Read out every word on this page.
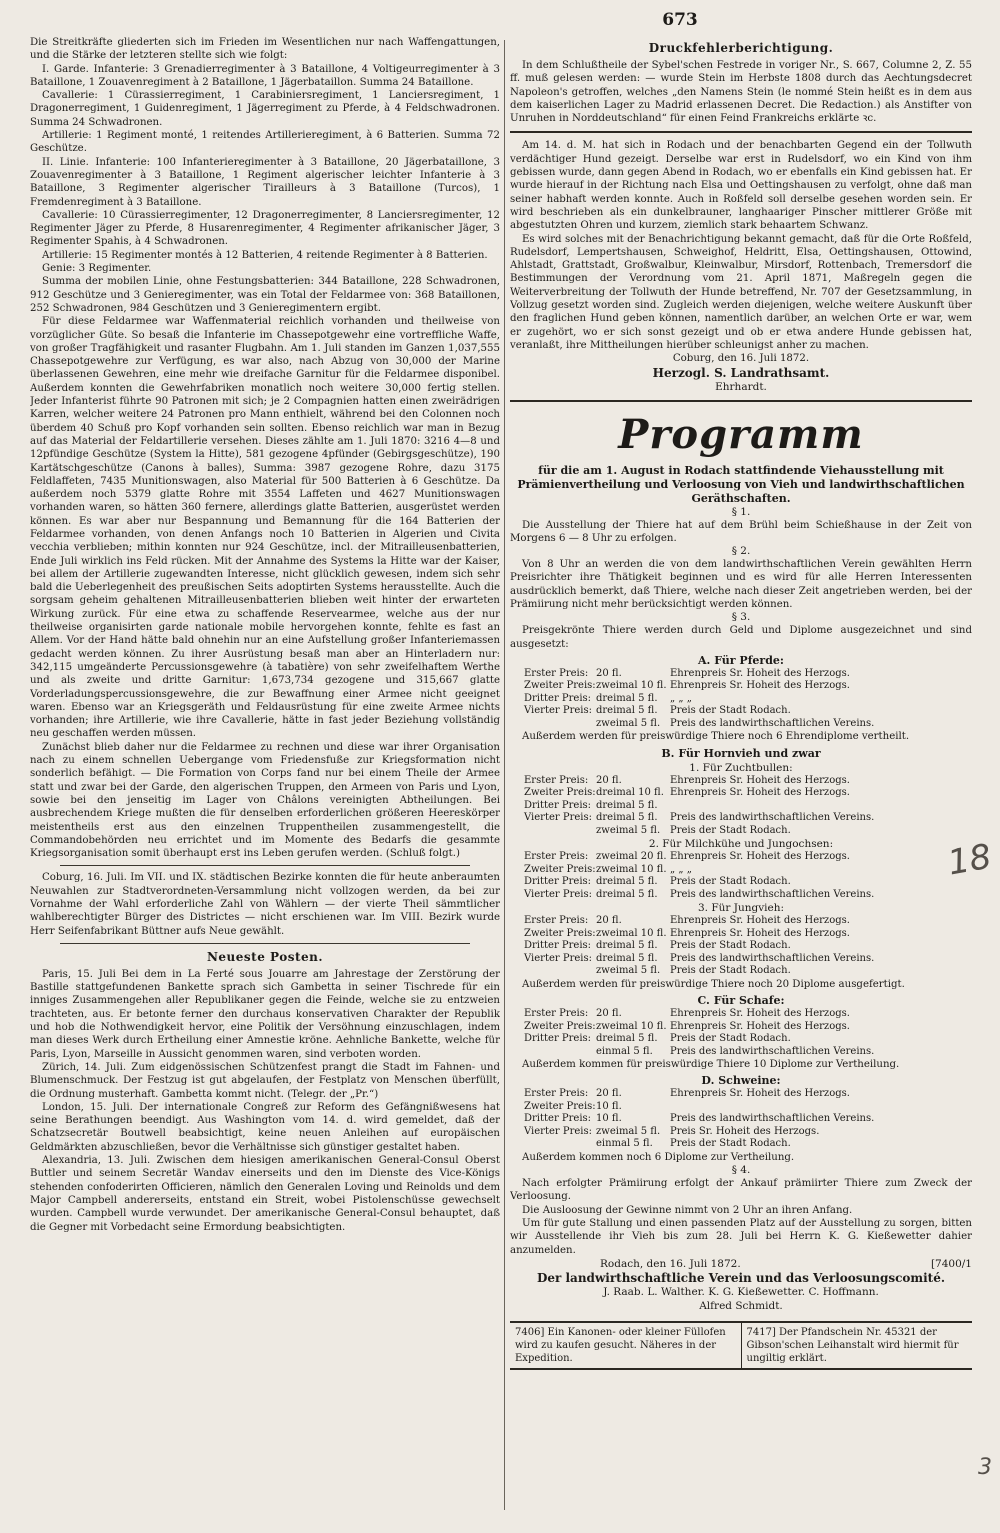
673

Die Streitkräfte gliederten sich im Frieden im Wesentlichen nur nach Waffengattungen, und die Stärke der letzteren stellte sich wie folgt:

I. Garde. Infanterie: 3 Grenadierregimenter à 3 Bataillone, 4 Voltigeurregimenter à 3 Bataillone, 1 Zouavenregiment à 2 Bataillone, 1 Jägerbataillon. Summa 24 Bataillone.

Cavallerie: 1 Cürassierregiment, 1 Carabiniersregiment, 1 Lanciersregiment, 1 Dragonerregiment, 1 Guidenregiment, 1 Jägerregiment zu Pferde, à 4 Feldschwadronen. Summa 24 Schwadronen.

Artillerie: 1 Regiment monté, 1 reitendes Artillerieregiment, à 6 Batterien. Summa 72 Geschütze.

II. Linie. Infanterie: 100 Infanterieregimenter à 3 Bataillone, 20 Jägerbataillone, 3 Zouavenregimenter à 3 Bataillone, 1 Regiment algerischer leichter Infanterie à 3 Bataillone, 3 Regimenter algerischer Tirailleurs à 3 Bataillone (Turcos), 1 Fremdenregiment à 3 Bataillone.

Cavallerie: 10 Cürassierregimenter, 12 Dragonerregimenter, 8 Lanciersregimenter, 12 Regimenter Jäger zu Pferde, 8 Husarenregimenter, 4 Regimenter afrikanischer Jäger, 3 Regimenter Spahis, à 4 Schwadronen.

Artillerie: 15 Regimenter montés à 12 Batterien, 4 reitende Regimenter à 8 Batterien.

Genie: 3 Regimenter.

Summa der mobilen Linie, ohne Festungsbatterien: 344 Bataillone, 228 Schwadronen, 912 Geschütze und 3 Genieregimenter, was ein Total der Feldarmee von: 368 Bataillonen, 252 Schwadronen, 984 Geschützen und 3 Genieregimentern ergibt.

Für diese Feldarmee war Waffenmaterial reichlich vorhanden und theilweise von vorzüglicher Güte. So besaß die Infanterie im Chassepotgewehr eine vortreffliche Waffe, von großer Tragfähigkeit und rasanter Flugbahn. Am 1. Juli standen im Ganzen 1,037,555 Chassepotgewehre zur Verfügung, es war also, nach Abzug von 30,000 der Marine überlassenen Gewehren, eine mehr wie dreifache Garnitur für die Feldarmee disponibel. Außerdem konnten die Gewehrfabriken monatlich noch weitere 30,000 fertig stellen. Jeder Infanterist führte 90 Patronen mit sich; je 2 Compagnien hatten einen zweirädrigen Karren, welcher weitere 24 Patronen pro Mann enthielt, während bei den Colonnen noch überdem 40 Schuß pro Kopf vorhanden sein sollten. Ebenso reichlich war man in Bezug auf das Material der Feldartillerie versehen. Dieses zählte am 1. Juli 1870: 3216 4—8 und 12pfündige Geschütze (System la Hitte), 581 gezogene 4pfünder (Gebirgsgeschütze), 190 Kartätschgeschütze (Canons à balles), Summa: 3987 gezogene Rohre, dazu 3175 Feldlaffeten, 7435 Munitionswagen, also Material für 500 Batterien à 6 Geschütze. Da außerdem noch 5379 glatte Rohre mit 3554 Laffeten und 4627 Munitionswagen vorhanden waren, so hätten 360 fernere, allerdings glatte Batterien, ausgerüstet werden können. Es war aber nur Bespannung und Bemannung für die 164 Batterien der Feldarmee vorhanden, von denen Anfangs noch 10 Batterien in Algerien und Civita vecchia verblieben; mithin konnten nur 924 Geschütze, incl. der Mitrailleusenbatterien, Ende Juli wirklich ins Feld rücken. Mit der Annahme des Systems la Hitte war der Kaiser, bei allem der Artillerie zugewandten Interesse, nicht glücklich gewesen, indem sich sehr bald die Ueberlegenheit des preußischen Seits adoptirten Systems herausstellte. Auch die sorgsam geheim gehaltenen Mitrailleusenbatterien blieben weit hinter der erwarteten Wirkung zurück. Für eine etwa zu schaffende Reservearmee, welche aus der nur theilweise organisirten garde nationale mobile hervorgehen konnte, fehlte es fast an Allem. Vor der Hand hätte bald ohnehin nur an eine Aufstellung großer Infanteriemassen gedacht werden können. Zu ihrer Ausrüstung besaß man aber an Hinterladern nur: 342,115 umgeänderte Percussionsgewehre (à tabatière) von sehr zweifelhaftem Werthe und als zweite und dritte Garnitur: 1,673,734 gezogene und 315,667 glatte Vorderladungspercussionsgewehre, die zur Bewaffnung einer Armee nicht geeignet waren. Ebenso war an Kriegsgeräth und Feldausrüstung für eine zweite Armee nichts vorhanden; ihre Artillerie, wie ihre Cavallerie, hätte in fast jeder Beziehung vollständig neu geschaffen werden müssen.

Zunächst blieb daher nur die Feldarmee zu rechnen und diese war ihrer Organisation nach zu einem schnellen Uebergange vom Friedensfuße zur Kriegsformation nicht sonderlich befähigt. — Die Formation von Corps fand nur bei einem Theile der Armee statt und zwar bei der Garde, den algerischen Truppen, den Armeen von Paris und Lyon, sowie bei den jenseitig im Lager von Châlons vereinigten Abtheilungen. Bei ausbrechendem Kriege mußten die für denselben erforderlichen größeren Heereskörper meistentheils erst aus den einzelnen Truppentheilen zusammengestellt, die Commandobehörden neu errichtet und im Momente des Bedarfs die gesammte Kriegsorganisation somit überhaupt erst ins Leben gerufen werden. (Schluß folgt.)

Coburg, 16. Juli. Im VII. und IX. städtischen Bezirke konnten die für heute anberaumten Neuwahlen zur Stadtverordneten-Versammlung nicht vollzogen werden, da bei zur Vornahme der Wahl erforderliche Zahl von Wählern — der vierte Theil sämmtlicher wahlberechtigter Bürger des Districtes — nicht erschienen war. Im VIII. Bezirk wurde Herr Seifenfabrikant Büttner aufs Neue gewählt.

Neueste Posten.

Paris, 15. Juli Bei dem in La Ferté sous Jouarre am Jahrestage der Zerstörung der Bastille stattgefundenen Bankette sprach sich Gambetta in seiner Tischrede für ein inniges Zusammengehen aller Republikaner gegen die Feinde, welche sie zu entzweien trachteten, aus. Er betonte ferner den durchaus konservativen Charakter der Republik und hob die Nothwendigkeit hervor, eine Politik der Versöhnung einzuschlagen, indem man dieses Werk durch Ertheilung einer Amnestie kröne. Aehnliche Bankette, welche für Paris, Lyon, Marseille in Aussicht genommen waren, sind verboten worden.

Zürich, 14. Juli. Zum eidgenössischen Schützenfest prangt die Stadt im Fahnen- und Blumenschmuck. Der Festzug ist gut abgelaufen, der Festplatz von Menschen überfüllt, die Ordnung musterhaft. Gambetta kommt nicht. (Telegr. der „Pr.“)

London, 15. Juli. Der internationale Congreß zur Reform des Gefängnißwesens hat seine Berathungen beendigt. Aus Washington vom 14. d. wird gemeldet, daß der Schatzsecretär Boutwell beabsichtigt, keine neuen Anleihen auf europäischen Geldmärkten abzuschließen, bevor die Verhältnisse sich günstiger gestaltet haben.

Alexandria, 13. Juli. Zwischen dem hiesigen amerikanischen General-Consul Oberst Buttler und seinem Secretär Wandav einerseits und den im Dienste des Vice-Königs stehenden confoderirten Officieren, nämlich den Generalen Loving und Reinolds und dem Major Campbell andererseits, entstand ein Streit, wobei Pistolenschüsse gewechselt wurden. Campbell wurde verwundet. Der amerikanische General-Consul behauptet, daß die Gegner mit Vorbedacht seine Ermordung beabsichtigten.

Druckfehlerberichtigung.

In dem Schlußtheile der Sybel'schen Festrede in voriger Nr., S. 667, Columne 2, Z. 55 ff. muß gelesen werden: — wurde Stein im Herbste 1808 durch das Aechtungsdecret Napoleon's getroffen, welches „den Namens Stein (le nommé Stein heißt es in dem aus dem kaiserlichen Lager zu Madrid erlassenen Decret. Die Redaction.) als Anstifter von Unruhen in Norddeutschland“ für einen Feind Frankreichs erklärte ꝛc.

Am 14. d. M. hat sich in Rodach und der benachbarten Gegend ein der Tollwuth verdächtiger Hund gezeigt. Derselbe war erst in Rudelsdorf, wo ein Kind von ihm gebissen wurde, dann gegen Abend in Rodach, wo er ebenfalls ein Kind gebissen hat. Er wurde hierauf in der Richtung nach Elsa und Oettingshausen zu verfolgt, ohne daß man seiner habhaft werden konnte. Auch in Roßfeld soll derselbe gesehen worden sein. Er wird beschrieben als ein dunkelbrauner, langhaariger Pinscher mittlerer Größe mit abgestutzten Ohren und kurzem, ziemlich stark behaartem Schwanz.

Es wird solches mit der Benachrichtigung bekannt gemacht, daß für die Orte Roßfeld, Rudelsdorf, Lempertshausen, Schweighof, Heldritt, Elsa, Oettingshausen, Ottowind, Ahlstadt, Grattstadt, Großwalbur, Kleinwalbur, Mirsdorf, Rottenbach, Tremersdorf die Bestimmungen der Verordnung vom 21. April 1871, Maßregeln gegen die Weiterverbreitung der Tollwuth der Hunde betreffend, Nr. 707 der Gesetzsammlung, in Vollzug gesetzt worden sind. Zugleich werden diejenigen, welche weitere Auskunft über den fraglichen Hund geben können, namentlich darüber, an welchen Orte er war, wem er zugehört, wo er sich sonst gezeigt und ob er etwa andere Hunde gebissen hat, veranlaßt, ihre Mittheilungen hierüber schleunigst anher zu machen.

Coburg, den 16. Juli 1872.

Herzogl. S. Landrathsamt.
Ehrhardt.
Programm
für die am 1. August in Rodach stattfindende Viehausstellung mit Prämienvertheilung und Verloosung von Vieh und landwirthschaftlichen Geräthschaften.
§ 1.

Die Ausstellung der Thiere hat auf dem Brühl beim Schießhause in der Zeit von Morgens 6 — 8 Uhr zu erfolgen.

§ 2.

Von 8 Uhr an werden die von dem landwirthschaftlichen Verein gewählten Herrn Preisrichter ihre Thätigkeit beginnen und es wird für alle Herren Interessenten ausdrücklich bemerkt, daß Thiere, welche nach dieser Zeit angetrieben werden, bei der Prämiirung nicht mehr berücksichtigt werden können.

§ 3.

Preisgekrönte Thiere werden durch Geld und Diplome ausgezeichnet und sind ausgesetzt:

A. Für Pferde:
Erster Preis: 20 fl.	Ehrenpreis Sr. Hoheit des Herzogs.
Zweiter Preis: zweimal 10 fl. Ehrenpreis Sr. Hoheit des Herzogs.
Dritter Preis: dreimal 5 fl.	„ „ „
Vierter Preis: dreimal 5 fl.	Preis der Stadt Rodach.
zweimal 5 fl. Preis des landwirthschaftlichen Vereins.

Außerdem werden für preiswürdige Thiere noch 6 Ehrendiplome vertheilt.

B. Für Hornvieh und zwar
1. Für Zuchtbullen:
Erster Preis: 20 fl.	Ehrenpreis Sr. Hoheit des Herzogs.
Zweiter Preis: dreimal 10 fl. Ehrenpreis Sr. Hoheit des Herzogs.
Dritter Preis: dreimal 5 fl.
Vierter Preis: dreimal 5 fl.	Preis des landwirthschaftlichen Vereins.
zweimal 5 fl. Preis der Stadt Rodach.
2. Für Milchkühe und Jungochsen:
Erster Preis: zweimal 20 fl. Ehrenpreis Sr. Hoheit des Herzogs.
Zweiter Preis: zweimal 10 fl. „ „ „
Dritter Preis: dreimal 5 fl.	Preis der Stadt Rodach.
Vierter Preis: dreimal 5 fl.	Preis des landwirthschaftlichen Vereins.
3. Für Jungvieh:
Erster Preis: 20 fl.	Ehrenpreis Sr. Hoheit des Herzogs.
Zweiter Preis: zweimal 10 fl. Ehrenpreis Sr. Hoheit des Herzogs.
Dritter Preis: dreimal 5 fl.	Preis der Stadt Rodach.
Vierter Preis: dreimal 5 fl.	Preis des landwirthschaftlichen Vereins.
zweimal 5 fl. Preis der Stadt Rodach.

Außerdem werden für preiswürdige Thiere noch 20 Diplome ausgefertigt.

C. Für Schafe:
Erster Preis: 20 fl.	Ehrenpreis Sr. Hoheit des Herzogs.
Zweiter Preis: zweimal 10 fl. Ehrenpreis Sr. Hoheit des Herzogs.
Dritter Preis: dreimal 5 fl.	Preis der Stadt Rodach.
einmal 5 fl.	Preis des landwirthschaftlichen Vereins.

Außerdem kommen für preiswürdige Thiere 10 Diplome zur Vertheilung.

D. Schweine:
Erster Preis: 20 fl.	Ehrenpreis Sr. Hoheit des Herzogs.
Zweiter Preis: 10 fl.
Dritter Preis: 10 fl.	Preis des landwirthschaftlichen Vereins.
Vierter Preis: zweimal 5 fl. Preis Sr. Hoheit des Herzogs.
einmal 5 fl.	Preis der Stadt Rodach.

Außerdem kommen noch 6 Diplome zur Vertheilung.

§ 4.

Nach erfolgter Prämiirung erfolgt der Ankauf prämiirter Thiere zum Zweck der Verloosung.

Die Ausloosung der Gewinne nimmt von 2 Uhr an ihren Anfang.

Um für gute Stallung und einen passenden Platz auf der Ausstellung zu sorgen, bitten wir Ausstellende ihr Vieh bis zum 28. Juli bei Herrn K. G. Kießewetter dahier anzumelden.

Rodach, den 16. Juli 1872.	[7400/1
Der landwirthschaftliche Verein und das Verloosungscomité.
J. Raab. L. Walther. K. G. Kießewetter. C. Hoffmann.
Alfred Schmidt.
7406] Ein Kanonen- oder kleiner Füllofen wird zu kaufen gesucht. Näheres in der Expedition.
7417] Der Pfandschein Nr. 45321 der Gibson'schen Leihanstalt wird hiermit für ungiltig erklärt.
18
3
